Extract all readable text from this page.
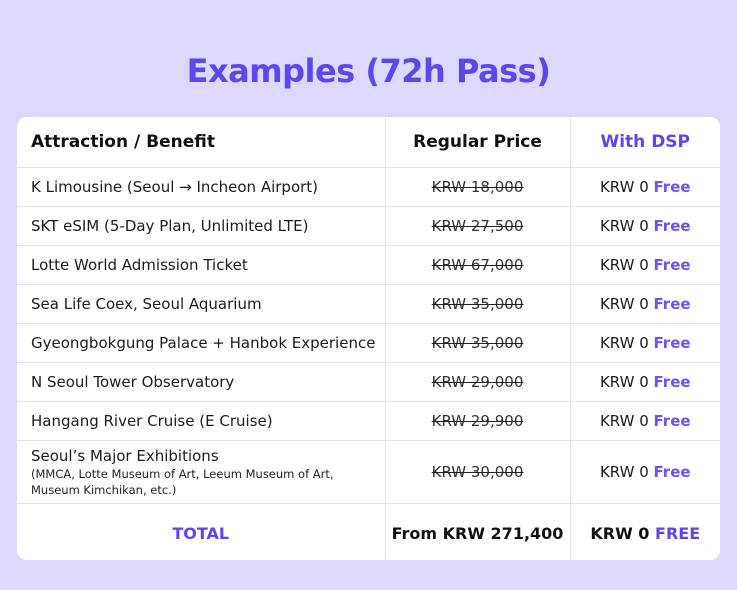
Examples (72h Pass)
Attraction / Benefit	Regular Price	With DSP
K Limousine (Seoul → Incheon Airport)	KRW 18,000	KRW 0 Free
SKT eSIM (5-Day Plan, Unlimited LTE)	KRW 27,500	KRW 0 Free
Lotte World Admission Ticket	KRW 67,000	KRW 0 Free
Sea Life Coex, Seoul Aquarium	KRW 35,000	KRW 0 Free
Gyeongbokgung Palace + Hanbok Experience	KRW 35,000	KRW 0 Free
N Seoul Tower Observatory	KRW 29,000	KRW 0 Free
Hangang River Cruise (E Cruise)	KRW 29,900	KRW 0 Free

Seoul’s Major Exhibitions
(MMCA, Lotte Museum of Art, Leeum Museum of Art, Museum Kimchikan, etc.)	KRW 30,000	KRW 0 Free
TOTAL	From KRW 271,400	KRW 0 FREE
